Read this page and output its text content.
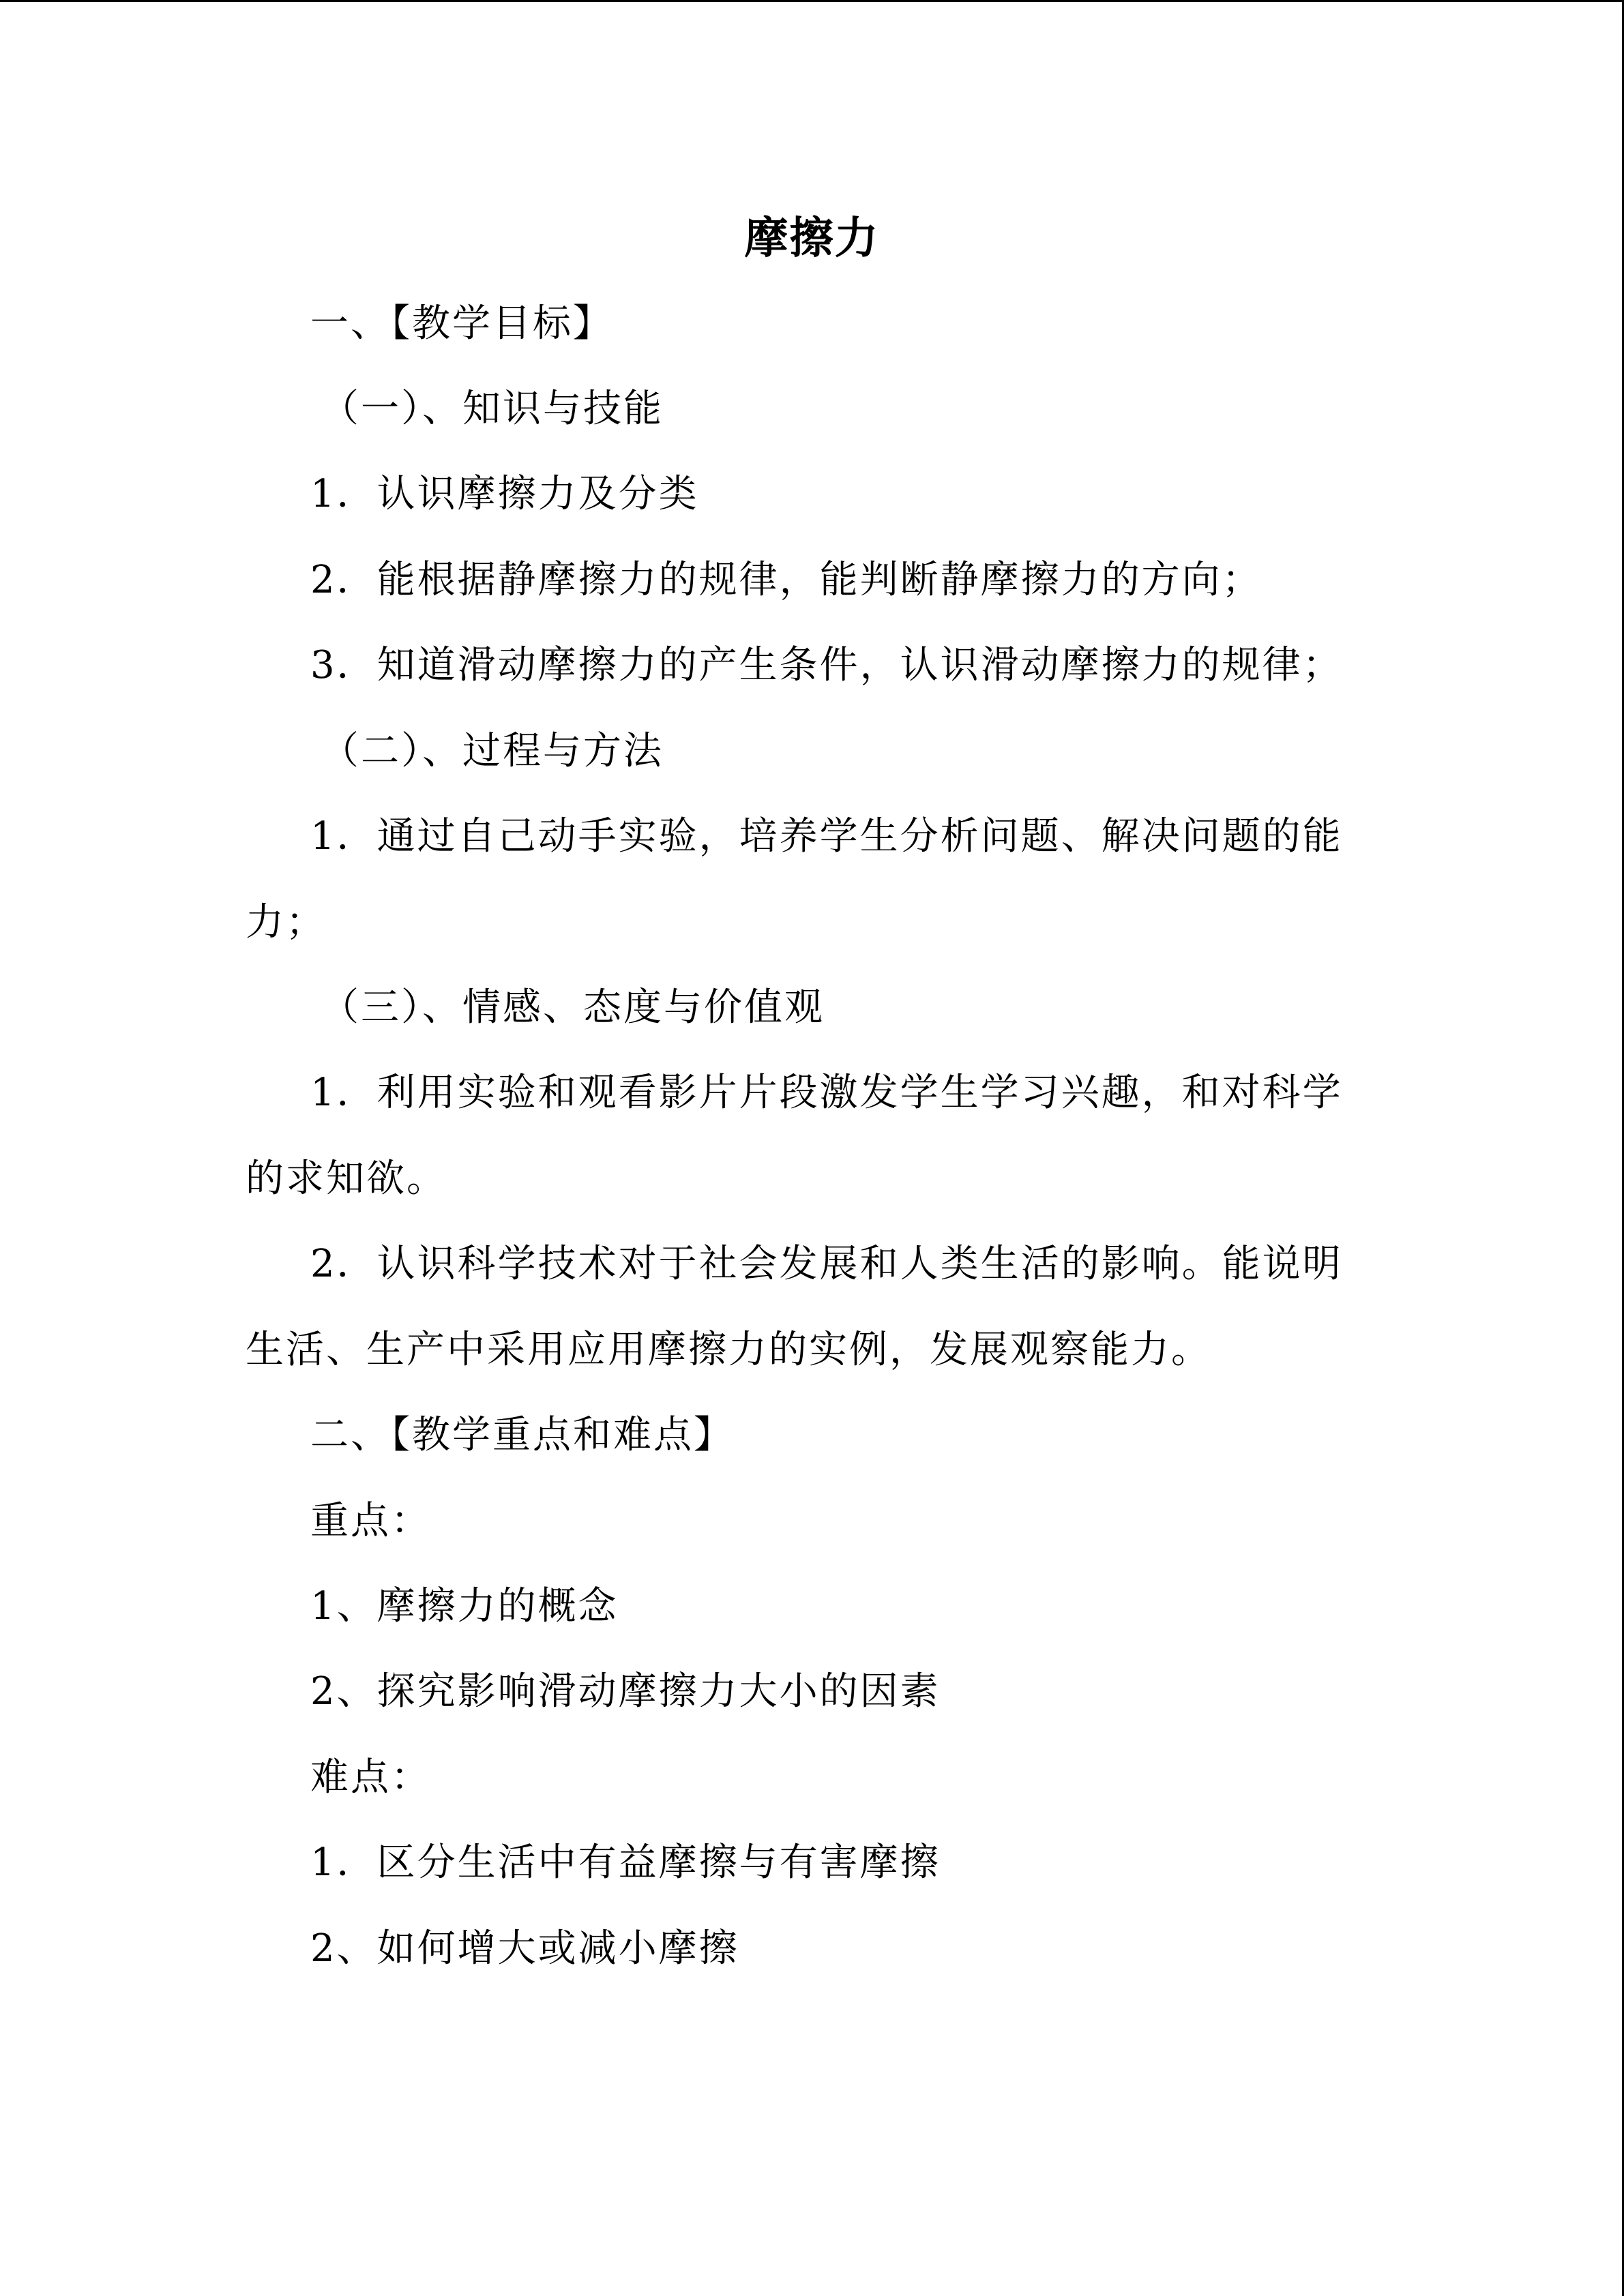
摩擦力
一、【教学目标】
（一）、知识与技能
1．认识摩擦力及分类
2．能根据静摩擦力的规律，能判断静摩擦力的方向；
3．知道滑动摩擦力的产生条件，认识滑动摩擦力的规律；
（二）、过程与方法
1．通过自己动手实验，培养学生分析问题、解决问题的能
力；
（三）、情感、态度与价值观
1．利用实验和观看影片片段激发学生学习兴趣，和对科学
的求知欲。
2．认识科学技术对于社会发展和人类生活的影响。能说明
生活、生产中采用应用摩擦力的实例，发展观察能力。
二、【教学重点和难点】
重点：
1、摩擦力的概念
2、探究影响滑动摩擦力大小的因素
难点：
1．区分生活中有益摩擦与有害摩擦
2、如何增大或减小摩擦
